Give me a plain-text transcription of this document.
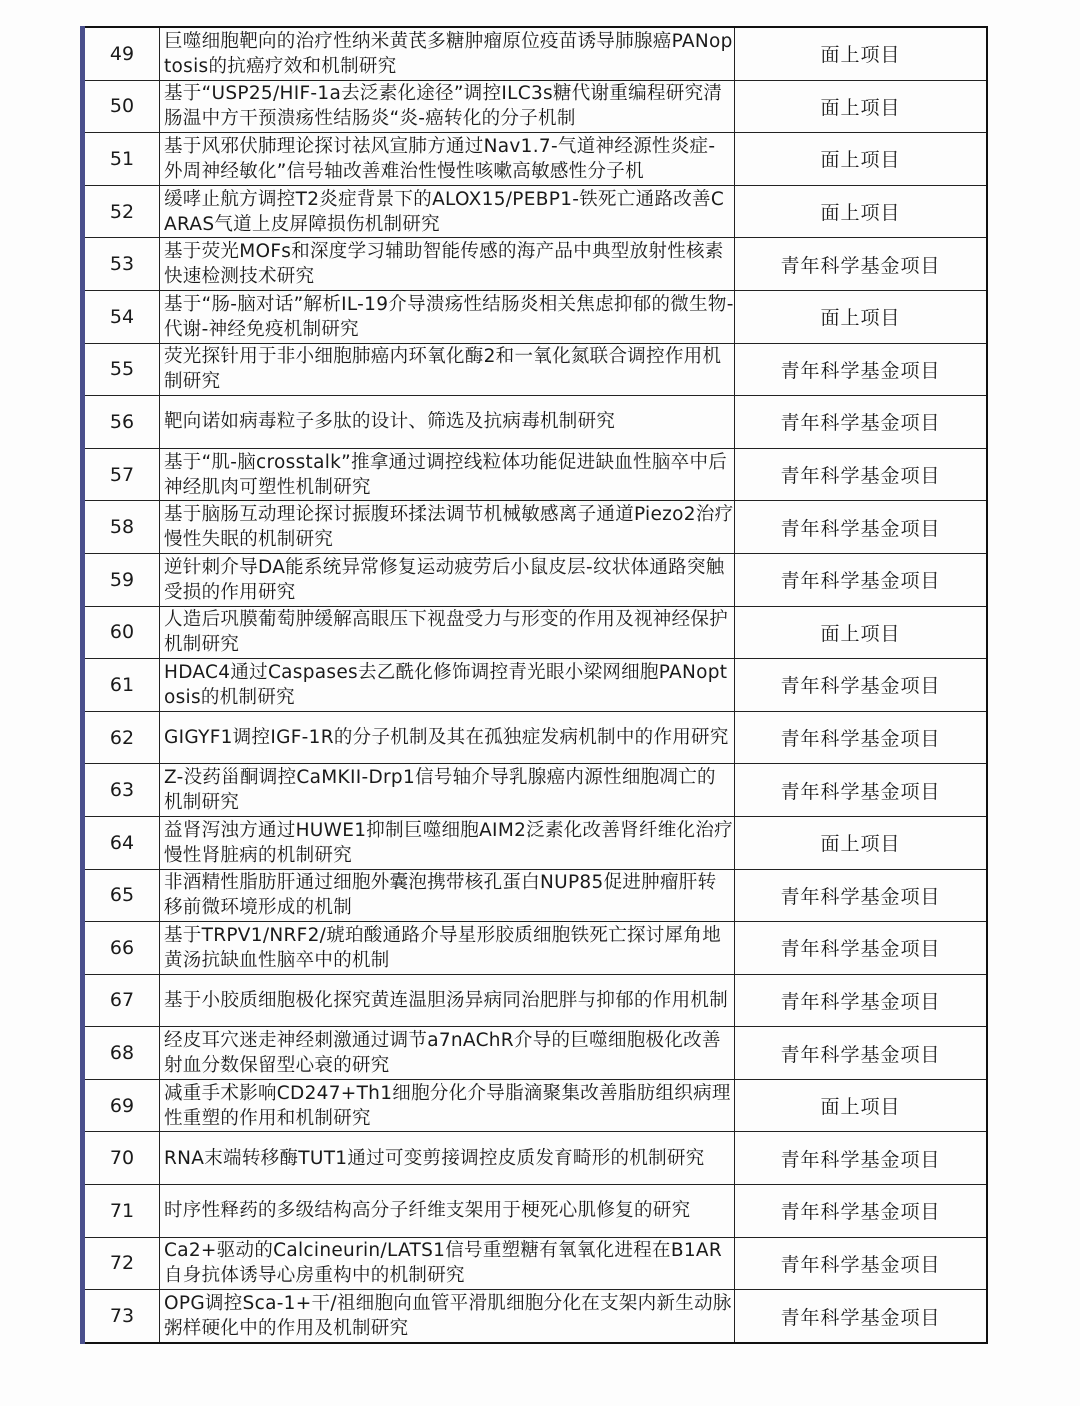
49	巨噬细胞靶向的治疗性纳米黄芪多糖肿瘤原位疫苗诱导肺腺癌PANoptosis的抗癌疗效和机制研究	面上项目
50	基于“USP25/HIF-1a去泛素化途径”调控ILC3s糖代谢重编程研究清肠温中方干预溃疡性结肠炎“炎-癌转化的分子机制	面上项目
51	基于风邪伏肺理论探讨祛风宣肺方通过Nav1.7-气道神经源性炎症-外周神经敏化”信号轴改善难治性慢性咳嗽高敏感性分子机	面上项目
52	缓哮止航方调控T2炎症背景下的ALOX15/PEBP1-铁死亡通路改善CARAS气道上皮屏障损伤机制研究	面上项目
53	基于荧光MOFs和深度学习辅助智能传感的海产品中典型放射性核素快速检测技术研究	青年科学基金项目
54	基于“肠-脑对话”解析IL-19介导溃疡性结肠炎相关焦虑抑郁的微生物-代谢-神经免疫机制研究	面上项目
55	荧光探针用于非小细胞肺癌内环氧化酶2和一氧化氮联合调控作用机制研究	青年科学基金项目
56	靶向诺如病毒粒子多肽的设计、筛选及抗病毒机制研究	青年科学基金项目
57	基于“肌-脑crosstalk”推拿通过调控线粒体功能促进缺血性脑卒中后神经肌肉可塑性机制研究	青年科学基金项目
58	基于脑肠互动理论探讨振腹环揉法调节机械敏感离子通道Piezo2治疗慢性失眠的机制研究	青年科学基金项目
59	逆针刺介导DA能系统异常修复运动疲劳后小鼠皮层-纹状体通路突触受损的作用研究	青年科学基金项目
60	人造后巩膜葡萄肿缓解高眼压下视盘受力与形变的作用及视神经保护机制研究	面上项目
61	HDAC4通过Caspases去乙酰化修饰调控青光眼小梁网细胞PANoptosis的机制研究	青年科学基金项目
62	GIGYF1调控IGF-1R的分子机制及其在孤独症发病机制中的作用研究	青年科学基金项目
63	Z-没药甾酮调控CaMKII-Drp1信号轴介导乳腺癌内源性细胞凋亡的机制研究	青年科学基金项目
64	益肾泻浊方通过HUWE1抑制巨噬细胞AIM2泛素化改善肾纤维化治疗慢性肾脏病的机制研究	面上项目
65	非酒精性脂肪肝通过细胞外囊泡携带核孔蛋白NUP85促进肿瘤肝转移前微环境形成的机制	青年科学基金项目
66	基于TRPV1/NRF2/琥珀酸通路介导星形胶质细胞铁死亡探讨犀角地黄汤抗缺血性脑卒中的机制	青年科学基金项目
67	基于小胶质细胞极化探究黄连温胆汤异病同治肥胖与抑郁的作用机制	青年科学基金项目
68	经皮耳穴迷走神经刺激通过调节a7nAChR介导的巨噬细胞极化改善射血分数保留型心衰的研究	青年科学基金项目
69	减重手术影响CD247+Th1细胞分化介导脂滴聚集改善脂肪组织病理性重塑的作用和机制研究	面上项目
70	RNA末端转移酶TUT1通过可变剪接调控皮质发育畸形的机制研究	青年科学基金项目
71	时序性释药的多级结构高分子纤维支架用于梗死心肌修复的研究	青年科学基金项目
72	Ca2+驱动的Calcineurin/LATS1信号重塑糖有氧氧化进程在B1AR自身抗体诱导心房重构中的机制研究	青年科学基金项目
73	OPG调控Sca-1+干/祖细胞向血管平滑肌细胞分化在支架内新生动脉粥样硬化中的作用及机制研究	青年科学基金项目
